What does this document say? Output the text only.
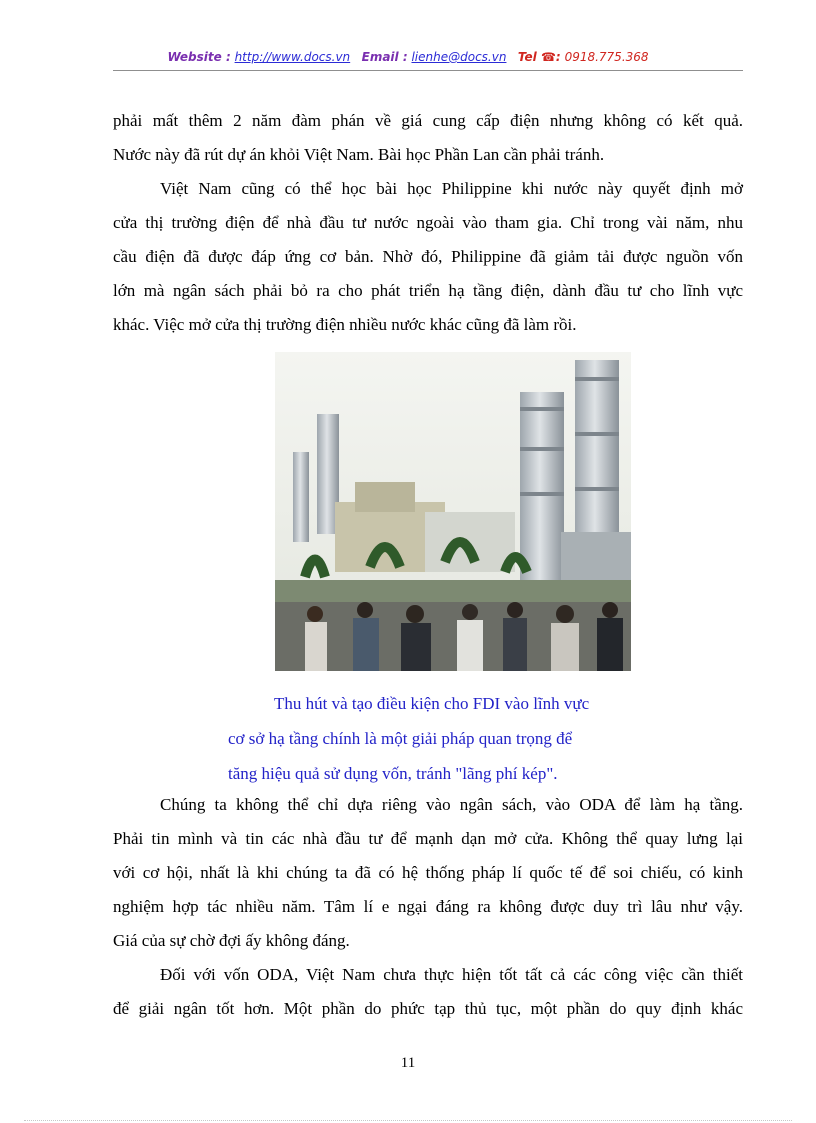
Website : http://www.docs.vn Email : lienhe@docs.vn Tel ☎: 0918.775.368
phải mất thêm 2 năm đàm phán về giá cung cấp điện nhưng không có kết quả.
Nước này đã rút dự án khỏi Việt Nam. Bài học Phần Lan cần phải tránh.
Việt Nam cũng có thể học bài học Philippine khi nước này quyết định mở
cửa thị trường điện để nhà đầu tư nước ngoài vào tham gia. Chỉ trong vài năm, nhu
cầu điện đã được đáp ứng cơ bản. Nhờ đó, Philippine đã giảm tải được nguồn vốn
lớn mà ngân sách phải bỏ ra cho phát triển hạ tầng điện, dành đầu tư cho lĩnh vực
khác. Việc mở cửa thị trường điện nhiều nước khác cũng đã làm rồi.
Thu hút và tạo điều kiện cho FDI vào lĩnh vực
cơ sở hạ tầng chính là một giải pháp quan trọng để
tăng hiệu quả sử dụng vốn, tránh "lãng phí kép".
Chúng ta không thể chỉ dựa riêng vào ngân sách, vào ODA để làm hạ tầng.
Phải tin mình và tin các nhà đầu tư để mạnh dạn mở cửa. Không thể quay lưng lại
với cơ hội, nhất là khi chúng ta đã có hệ thống pháp lí quốc tế để soi chiếu, có kinh
nghiệm hợp tác nhiều năm. Tâm lí e ngại đáng ra không được duy trì lâu như vậy.
Giá của sự chờ đợi ấy không đáng.
Đối với vốn ODA, Việt Nam chưa thực hiện tốt tất cả các công việc cần thiết
để giải ngân tốt hơn. Một phần do phức tạp thủ tục, một phần do quy định khác
11
